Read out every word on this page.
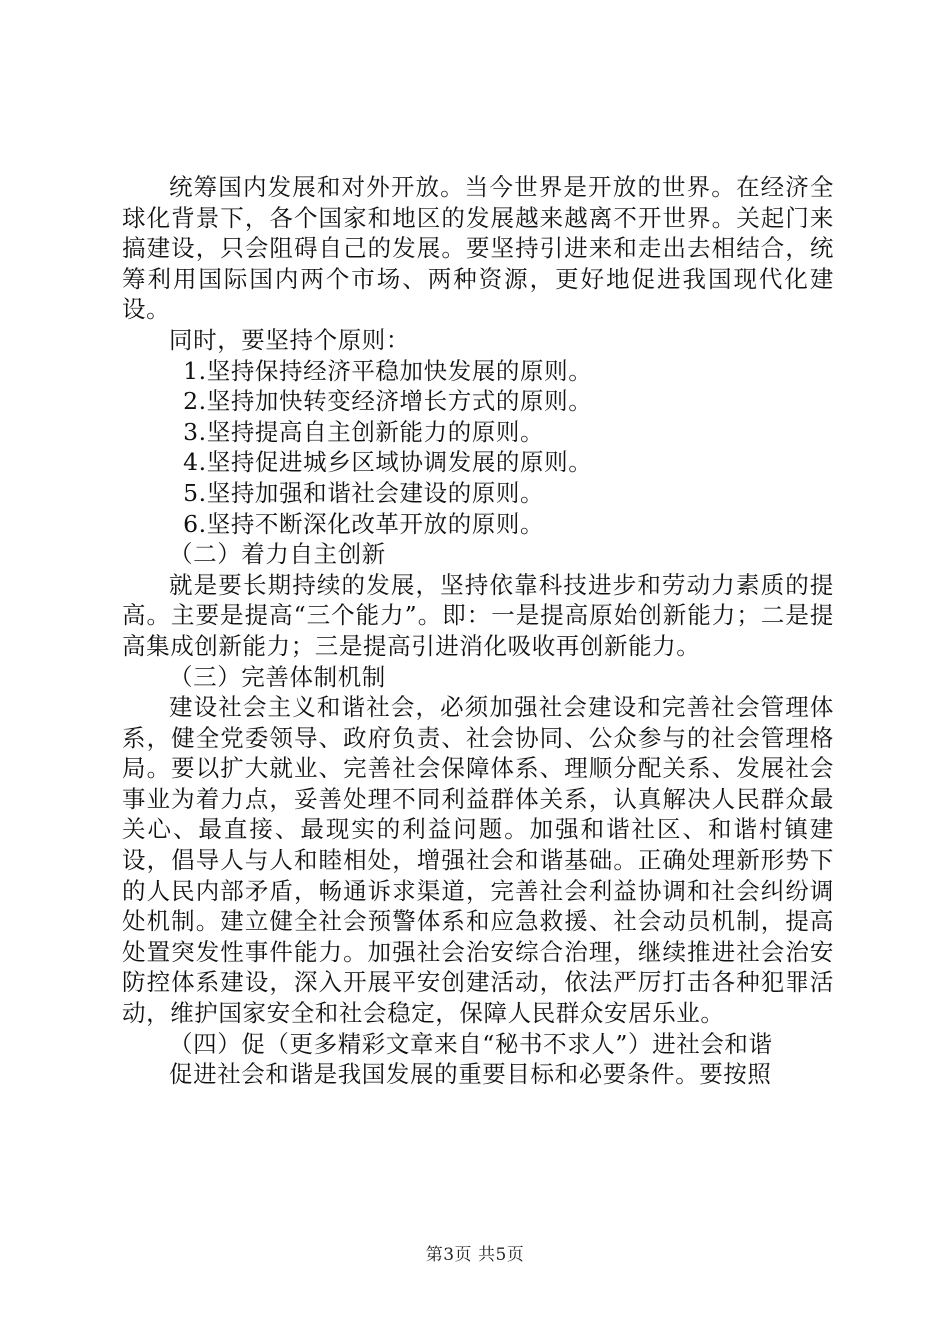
统筹国内发展和对外开放。当今世界是开放的世界。在经济全球化背景下，各个国家和地区的发展越来越离不开世界。关起门来搞建设，只会阻碍自己的发展。要坚持引进来和走出去相结合，统筹利用国际国内两个市场、两种资源，更好地促进我国现代化建设。

同时，要坚持个原则：

1.坚持保持经济平稳加快发展的原则。

2.坚持加快转变经济增长方式的原则。

3.坚持提高自主创新能力的原则。

4.坚持促进城乡区域协调发展的原则。

5.坚持加强和谐社会建设的原则。

6.坚持不断深化改革开放的原则。

（二）着力自主创新

就是要长期持续的发展，坚持依靠科技进步和劳动力素质的提高。主要是提高“三个能力”。即：一是提高原始创新能力；二是提高集成创新能力；三是提高引进消化吸收再创新能力。

（三）完善体制机制

建设社会主义和谐社会，必须加强社会建设和完善社会管理体系，健全党委领导、政府负责、社会协同、公众参与的社会管理格局。要以扩大就业、完善社会保障体系、理顺分配关系、发展社会事业为着力点，妥善处理不同利益群体关系，认真解决人民群众最关心、最直接、最现实的利益问题。加强和谐社区、和谐村镇建设，倡导人与人和睦相处，增强社会和谐基础。正确处理新形势下的人民内部矛盾，畅通诉求渠道，完善社会利益协调和社会纠纷调处机制。建立健全社会预警体系和应急救援、社会动员机制，提高处置突发性事件能力。加强社会治安综合治理，继续推进社会治安防控体系建设，深入开展平安创建活动，依法严厉打击各种犯罪活动，维护国家安全和社会稳定，保障人民群众安居乐业。

（四）促（更多精彩文章来自“秘书不求人”）进社会和谐

促进社会和谐是我国发展的重要目标和必要条件。要按照

第3页 共5页
